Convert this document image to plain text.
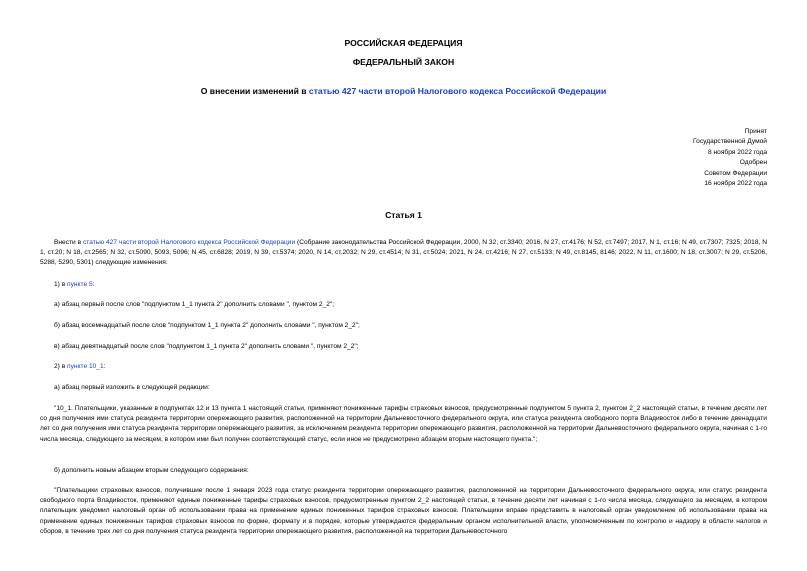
РОССИЙСКАЯ ФЕДЕРАЦИЯ
ФЕДЕРАЛЬНЫЙ ЗАКОН
О внесении изменений в статью 427 части второй Налогового кодекса Российской Федерации
Принят
Государственной Думой
8 ноября 2022 года
Одобрен
Советом Федерации
16 ноября 2022 года
Статья 1
Внести в статью 427 части второй Налогового кодекса Российской Федерации (Собрание законодательства Российской Федерации, 2000, N 32, ст.3340; 2016, N 27, ст.4176; N 52, ст.7497; 2017, N 1, ст.16; N 49, ст.7307; 7325; 2018, N 1, ст.20; N 18, ст.2565; N 32, ст.5090, 5093, 5096; N 45, ст.6828; 2019, N 39, ст.5374; 2020, N 14, ст.2032; N 29, ст.4514; N 31, ст.5024; 2021, N 24, ст.4216; N 27, ст.5133; N 49, ст.8145, 8146; 2022, N 11, ст.1600; N 18, ст.3007; N 29, ст.5206, 5288, 5290, 5301) следующие изменения:
1) в пункте 5:
а) абзац первый после слов "подпунктом 1_1 пункта 2" дополнить словами ", пунктом 2_2";
б) абзац восемнадцатый после слов "подпунктом 1_1 пункта 2" дополнить словами ", пунктом 2_2";
в) абзац девятнадцатый после слов "подпунктом 1_1 пункта 2" дополнить словами ", пунктом 2_2";
2) в пункте 10_1:
а) абзац первый изложить в следующей редакции:
"10_1. Плательщики, указанные в подпунктах 12 и 13 пункта 1 настоящей статьи, применяют пониженные тарифы страховых взносов, предусмотренные подпунктом 5 пункта 2, пунктом 2_2 настоящей статьи, в течение десяти лет со дня получения ими статуса резидента территории опережающего развития, расположенной на территории Дальневосточного федерального округа, или статуса резидента свободного порта Владивосток либо в течение двенадцати лет со дня получения ими статуса резидента территории опережающего развития, за исключением резидента территории опережающего развития, расположенной на территории Дальневосточного федерального округа, начиная с 1-го числа месяца, следующего за месяцем, в котором ими был получен соответствующий статус, если иное не предусмотрено абзацем вторым настоящего пункта.";
б) дополнить новым абзацем вторым следующего содержания:
"Плательщики страховых взносов, получившие после 1 января 2023 года статус резидента территории опережающего развития, расположенной на территории Дальневосточного федерального округа, или статус резидента свободного порта Владивосток, применяют единые пониженные тарифы страховых взносов, предусмотренные пунктом 2_2 настоящей статьи, в течение десяти лет начиная с 1-го числа месяца, следующего за месяцем, в котором плательщик уведомил налоговый орган об использовании права на применение единых пониженных тарифов страховых взносов. Плательщики вправе представить в налоговый орган уведомление об использовании права на применение единых пониженных тарифов страховых взносов по форме, формату и в порядке, которые утверждаются федеральным органом исполнительной власти, уполномоченным по контролю и надзору в области налогов и сборов, в течение трех лет со дня получения статуса резидента территории опережающего развития, расположенной на территории Дальневосточного
